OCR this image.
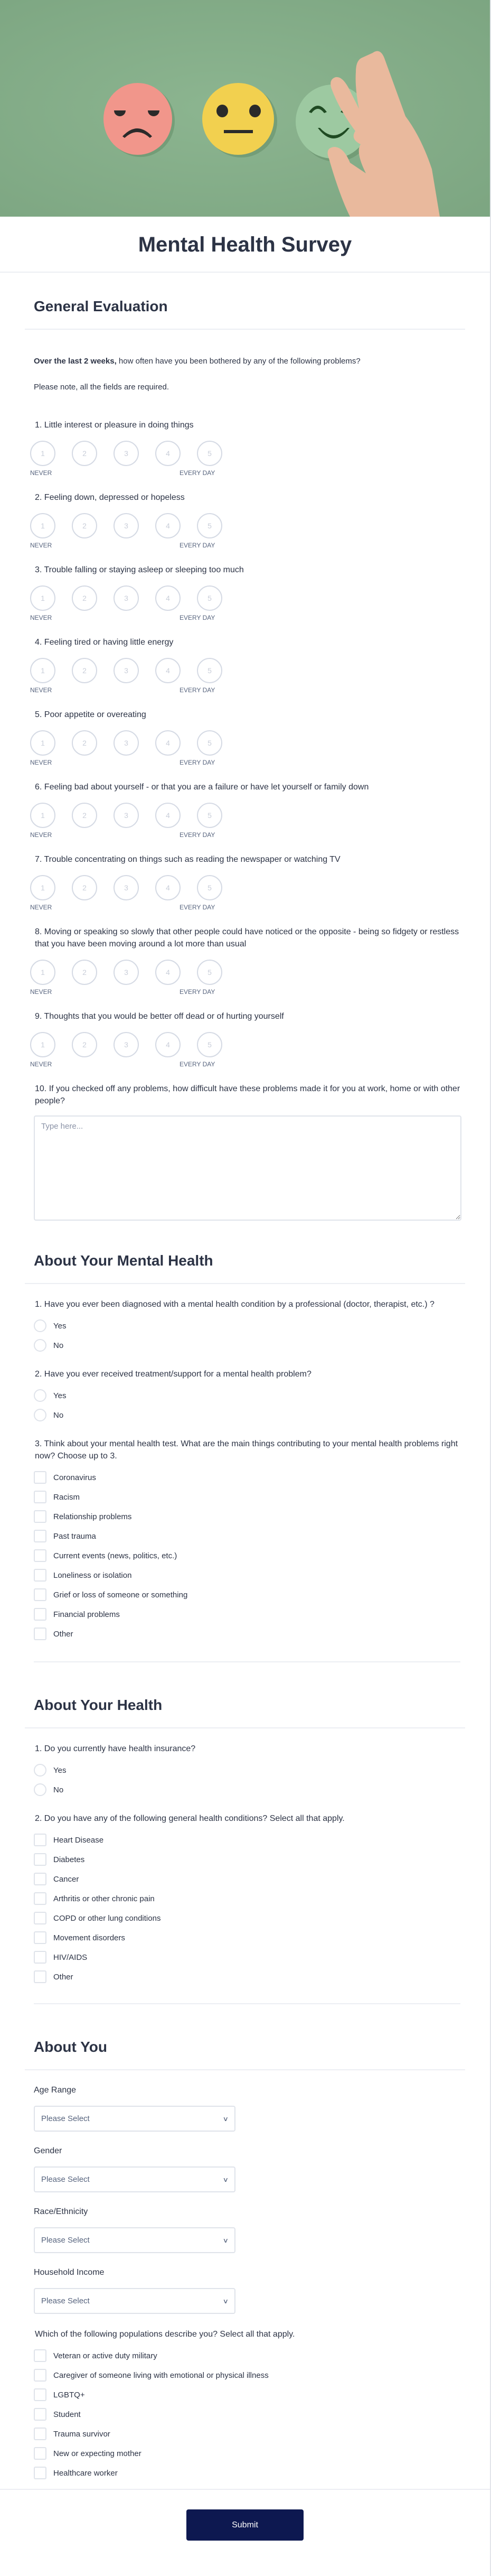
Mental Health Survey
General Evaluation
Over the last 2 weeks, how often have you been bothered by any of the following problems?
Please note, all the fields are required.
1. Little interest or pleasure in doing things
1	2	3	4	5
NEVER	EVERY DAY
2. Feeling down, depressed or hopeless
1	2	3	4	5
NEVER	EVERY DAY
3. Trouble falling or staying asleep or sleeping too much
1	2	3	4	5
NEVER	EVERY DAY
4. Feeling tired or having little energy
1	2	3	4	5
NEVER	EVERY DAY
5. Poor appetite or overeating
1	2	3	4	5
NEVER	EVERY DAY
6. Feeling bad about yourself - or that you are a failure or have let yourself or family down
1	2	3	4	5
NEVER	EVERY DAY
7. Trouble concentrating on things such as reading the newspaper or watching TV
1	2	3	4	5
NEVER	EVERY DAY
8. Moving or speaking so slowly that other people could have noticed or the opposite - being so fidgety or restless that you have been moving around a lot more than usual
1	2	3	4	5
NEVER	EVERY DAY
9. Thoughts that you would be better off dead or of hurting yourself
1	2	3	4	5
NEVER	EVERY DAY
10. If you checked off any problems, how difficult have these problems made it for you at work, home or with other people?
Type here...
About Your Mental Health
1. Have you ever been diagnosed with a mental health condition by a professional (doctor, therapist, etc.) ?
Yes
No
2. Have you ever received treatment/support for a mental health problem?
Yes
No
3. Think about your mental health test. What are the main things contributing to your mental health problems right now? Choose up to 3.
Coronavirus
Racism
Relationship problems
Past trauma
Current events (news, politics, etc.)
Loneliness or isolation
Grief or loss of someone or something
Financial problems
Other
About Your Health
1. Do you currently have health insurance?
Yes
No
2. Do you have any of the following general health conditions? Select all that apply.
Heart Disease
Diabetes
Cancer
Arthritis or other chronic pain
COPD or other lung conditions
Movement disorders
HIV/AIDS
Other
About You
Age Range
Please Select	∨
Gender
Please Select	∨
Race/Ethnicity
Please Select	∨
Household Income
Please Select	∨
Which of the following populations describe you? Select all that apply.
Veteran or active duty military
Caregiver of someone living with emotional or physical illness
LGBTQ+
Student
Trauma survivor
New or expecting mother
Healthcare worker
Submit
